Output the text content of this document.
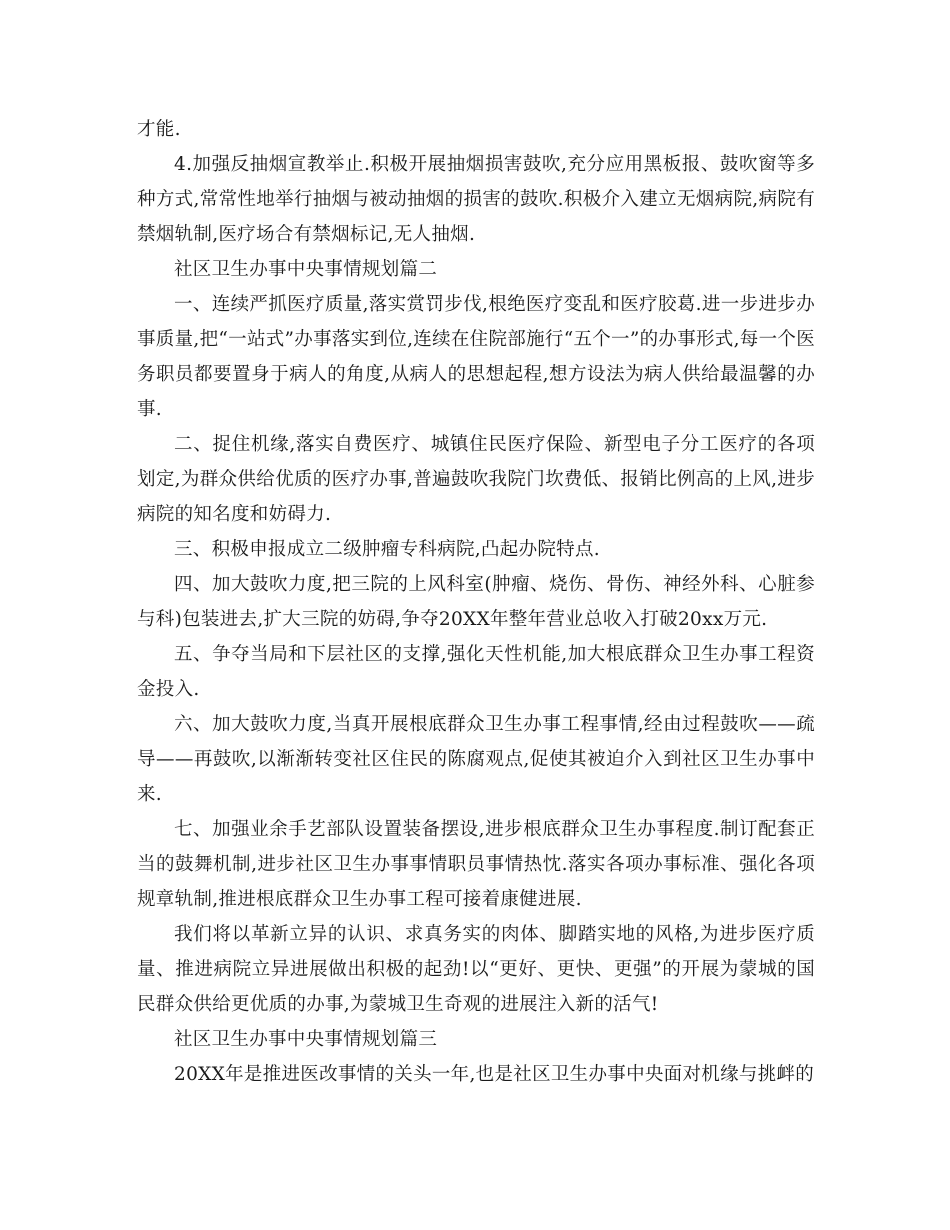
才能.

4.加强反抽烟宣教举止.积极开展抽烟损害鼓吹,充分应用黑板报、鼓吹窗等多种方式,常常性地举行抽烟与被动抽烟的损害的鼓吹.积极介入建立无烟病院,病院有禁烟轨制,医疗场合有禁烟标记,无人抽烟.

社区卫生办事中央事情规划篇二

一、连续严抓医疗质量,落实赏罚步伐,根绝医疗变乱和医疗胶葛.进一步进步办事质量,把“一站式”办事落实到位,连续在住院部施行“五个一”的办事形式,每一个医务职员都要置身于病人的角度,从病人的思想起程,想方设法为病人供给最温馨的办事.

二、捉住机缘,落实自费医疗、城镇住民医疗保险、新型电子分工医疗的各项划定,为群众供给优质的医疗办事,普遍鼓吹我院门坎费低、报销比例高的上风,进步病院的知名度和妨碍力.

三、积极申报成立二级肿瘤专科病院,凸起办院特点.

四、加大鼓吹力度,把三院的上风科室(肿瘤、烧伤、骨伤、神经外科、心脏参与科)包装进去,扩大三院的妨碍,争夺20XX年整年营业总收入打破20xx万元.

五、争夺当局和下层社区的支撑,强化天性机能,加大根底群众卫生办事工程资金投入.

六、加大鼓吹力度,当真开展根底群众卫生办事工程事情,经由过程鼓吹——疏导——再鼓吹,以渐渐转变社区住民的陈腐观点,促使其被迫介入到社区卫生办事中来.

七、加强业余手艺部队设置装备摆设,进步根底群众卫生办事程度.制订配套正当的鼓舞机制,进步社区卫生办事事情职员事情热忱.落实各项办事标准、强化各项规章轨制,推进根底群众卫生办事工程可接着康健进展.

我们将以革新立异的认识、求真务实的肉体、脚踏实地的风格,为进步医疗质量、推进病院立异进展做出积极的起劲!以“更好、更快、更强”的开展为蒙城的国民群众供给更优质的办事,为蒙城卫生奇观的进展注入新的活气!

社区卫生办事中央事情规划篇三

20XX年是推进医改事情的关头一年,也是社区卫生办事中央面对机缘与挑衅的
